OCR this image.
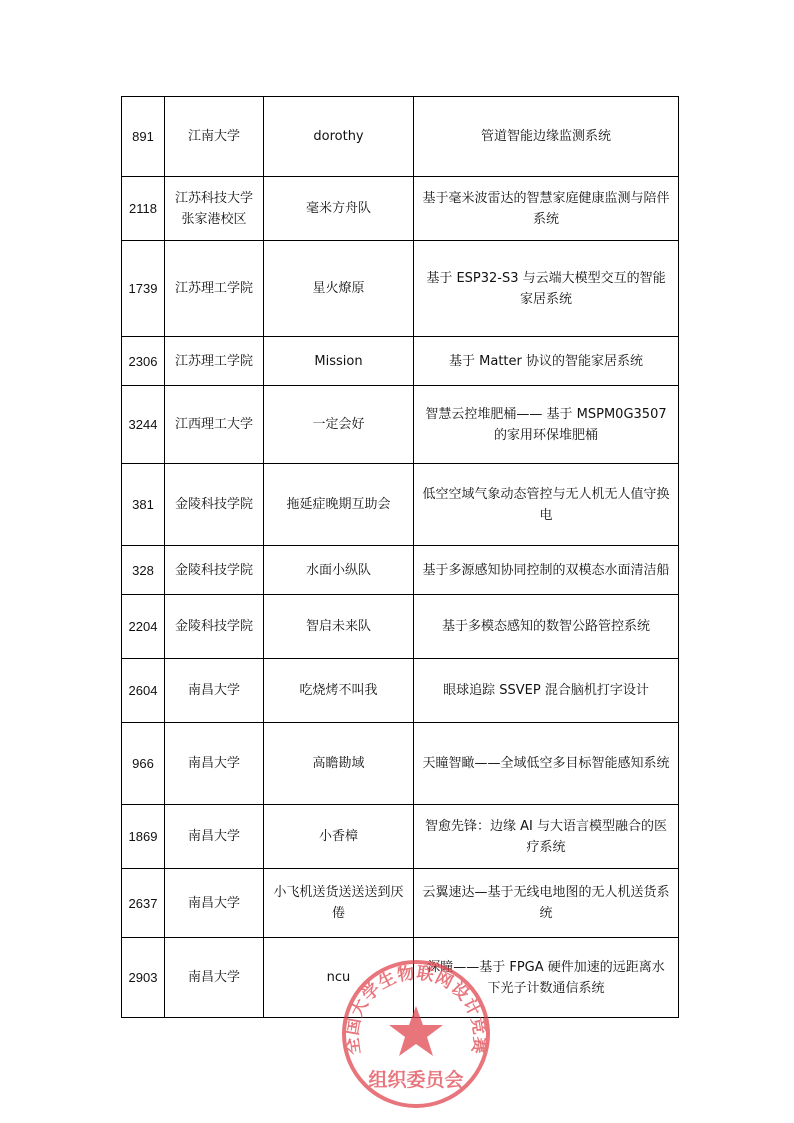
891	江南大学	dorothy	管道智能边缘监测系统
2118	江苏科技大学张家港校区	毫米方舟队	基于毫米波雷达的智慧家庭健康监测与陪伴系统
1739	江苏理工学院	星火燎原	基于 ESP32-S3 与云端大模型交互的智能家居系统
2306	江苏理工学院	Mission	基于 Matter 协议的智能家居系统
3244	江西理工大学	一定会好	智慧云控堆肥桶—— 基于 MSPM0G3507 的家用环保堆肥桶
381	金陵科技学院	拖延症晚期互助会	低空空域气象动态管控与无人机无人值守换电
328	金陵科技学院	水面小纵队	基于多源感知协同控制的双模态水面清洁船
2204	金陵科技学院	智启未来队	基于多模态感知的数智公路管控系统
2604	南昌大学	吃烧烤不叫我	眼球追踪 SSVEP 混合脑机打字设计
966	南昌大学	高瞻勘域	天瞳智瞰——全域低空多目标智能感知系统
1869	南昌大学	小香樟	智愈先锋：边缘 AI 与大语言模型融合的医疗系统
2637	南昌大学	小飞机送货送送送到厌倦	云翼速达—基于无线电地图的无人机送货系统
2903	南昌大学	ncu	深瞳——基于 FPGA 硬件加速的远距离水下光子计数通信系统
全国大学生物联网设计竞赛
组织委员会
